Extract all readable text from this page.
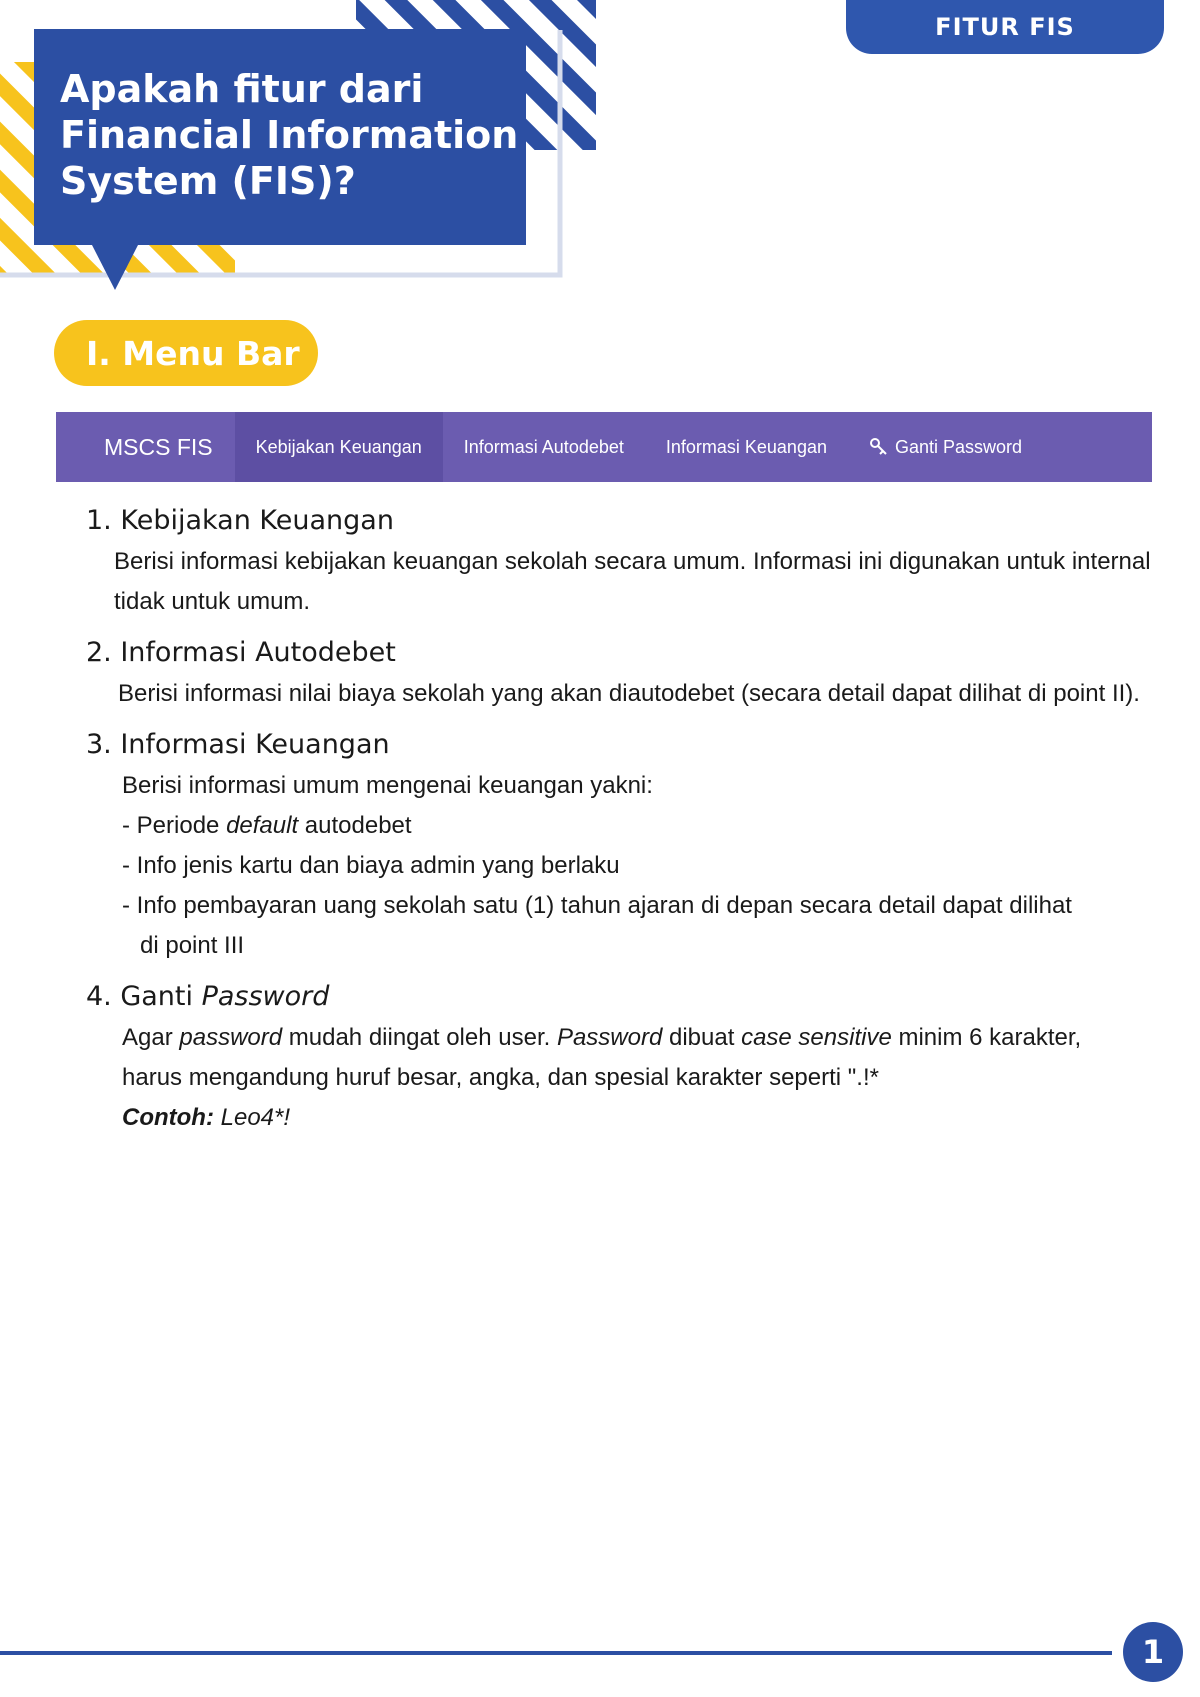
FITUR FIS
Apakah fitur dari
Financial Information
System (FIS)?
I. Menu Bar
MSCS FIS	Kebijakan Keuangan	Informasi Autodebet	Informasi Keuangan	Ganti Password
1. Kebijakan Keuangan
Berisi informasi kebijakan keuangan sekolah secara umum. Informasi ini digunakan untuk internal tidak untuk umum.
2. Informasi Autodebet
Berisi informasi nilai biaya sekolah yang akan diautodebet (secara detail dapat dilihat di point II).
3. Informasi Keuangan
Berisi informasi umum mengenai keuangan yakni:
- Periode default autodebet
- Info jenis kartu dan biaya admin yang berlaku
- Info pembayaran uang sekolah satu (1) tahun ajaran di depan secara detail dapat dilihat
di point III
4. Ganti Password
Agar password mudah diingat oleh user. Password dibuat case sensitive minim 6 karakter,
harus mengandung huruf besar, angka, dan spesial karakter seperti ".!*
Contoh: Leo4*!
1
